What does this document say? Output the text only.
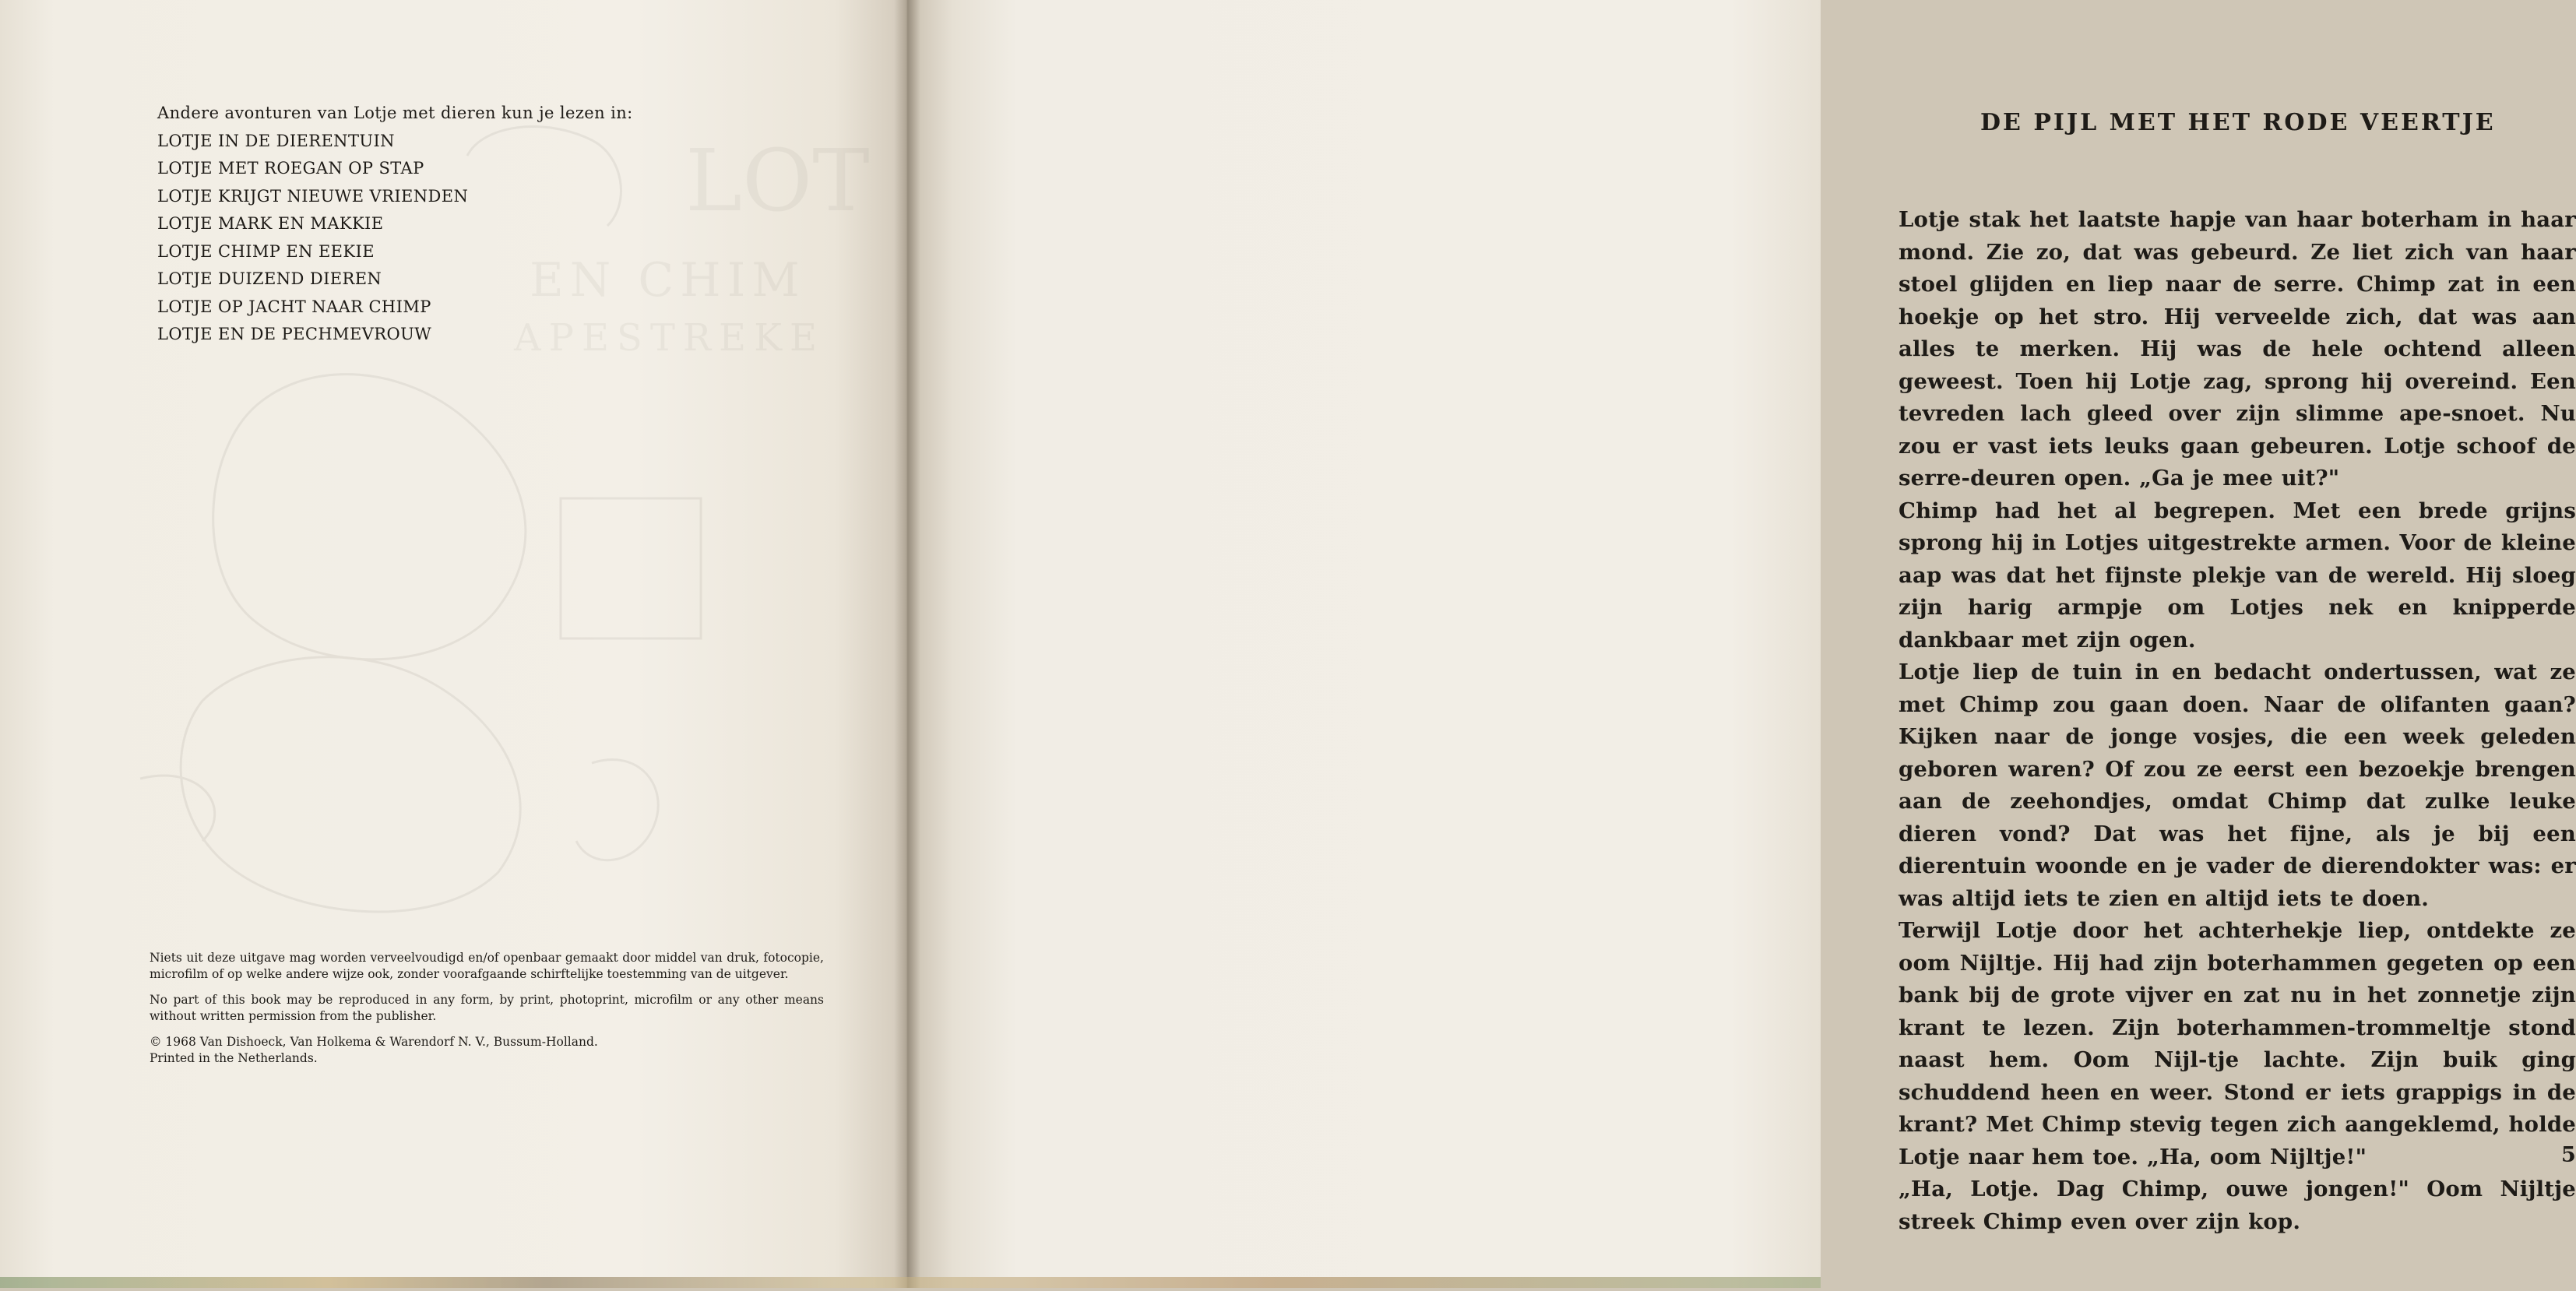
LOT
EN CHIM
APESTREKE

Andere avonturen van Lotje met dieren kun je lezen in:

LOTJE IN DE DIERENTUIN
LOTJE MET ROEGAN OP STAP
LOTJE KRIJGT NIEUWE VRIENDEN
LOTJE MARK EN MAKKIE
LOTJE CHIMP EN EEKIE
LOTJE DUIZEND DIEREN
LOTJE OP JACHT NAAR CHIMP
LOTJE EN DE PECHMEVROUW

Niets uit deze uitgave mag worden verveelvoudigd en/of openbaar gemaakt door middel van druk, fotocopie, microfilm of op welke andere wijze ook, zonder voorafgaande schirftelijke toestemming van de uitgever.

No part of this book may be reproduced in any form, by print, photoprint, microfilm or any other means without written permission from the publisher.

© 1968 Van Dishoeck, Van Holkema & Warendorf N. V., Bussum-Holland.

Printed in the Netherlands.

DE PIJL MET HET RODE VEERTJE

Lotje stak het laatste hapje van haar boterham in haar mond. Zie zo, dat was gebeurd. Ze liet zich van haar stoel glijden en liep naar de serre. Chimp zat in een hoekje op het stro. Hij verveelde zich, dat was aan alles te merken. Hij was de hele ochtend alleen geweest. Toen hij Lotje zag, sprong hij overeind. Een tevreden lach gleed over zijn slimme ape-snoet. Nu zou er vast iets leuks gaan gebeuren. Lotje schoof de serre-deuren open. „Ga je mee uit?"

Chimp had het al begrepen. Met een brede grijns sprong hij in Lotjes uitgestrekte armen. Voor de kleine aap was dat het fijnste plekje van de wereld. Hij sloeg zijn harig armpje om Lotjes nek en knipperde dankbaar met zijn ogen.

Lotje liep de tuin in en bedacht ondertussen, wat ze met Chimp zou gaan doen. Naar de olifanten gaan? Kijken naar de jonge vosjes, die een week geleden geboren waren? Of zou ze eerst een bezoekje brengen aan de zeehondjes, omdat Chimp dat zulke leuke dieren vond? Dat was het fijne, als je bij een dierentuin woonde en je vader de dierendokter was: er was altijd iets te zien en altijd iets te doen.

Terwijl Lotje door het achterhekje liep, ontdekte ze oom Nijltje. Hij had zijn boterhammen gegeten op een bank bij de grote vijver en zat nu in het zonnetje zijn krant te lezen. Zijn boterhammen-trommeltje stond naast hem. Oom Nijl-tje lachte. Zijn buik ging schuddend heen en weer. Stond er iets grappigs in de krant? Met Chimp stevig tegen zich aangeklemd, holde Lotje naar hem toe. „Ha, oom Nijltje!"

„Ha, Lotje. Dag Chimp, ouwe jongen!" Oom Nijltje streek Chimp even over zijn kop.

5
